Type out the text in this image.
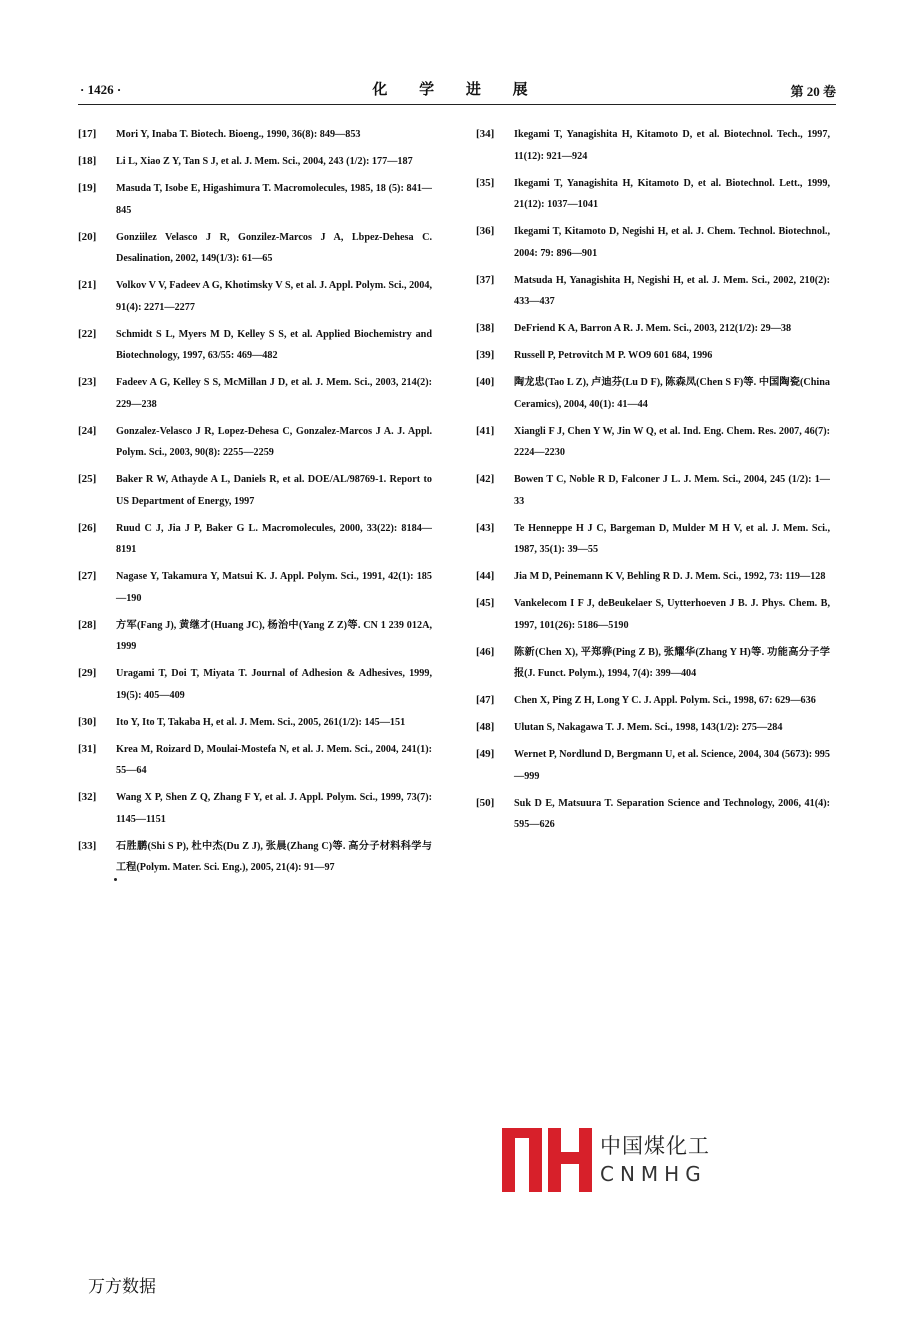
· 1426 ·	化 学 进 展	第 20 卷
[17]	Mori Y, Inaba T. Biotech. Bioeng., 1990, 36(8): 849—853
[18]	Li L, Xiao Z Y, Tan S J, et al. J. Mem. Sci., 2004, 243 (1/2): 177—187
[19]	Masuda T, Isobe E, Higashimura T. Macromolecules, 1985, 18 (5): 841—845
[20]	Gonziilez Velasco J R, Gonzilez-Marcos J A, Lbpez-Dehesa C. Desalination, 2002, 149(1/3): 61—65
[21]	Volkov V V, Fadeev A G, Khotimsky V S, et al. J. Appl. Polym. Sci., 2004, 91(4): 2271—2277
[22]	Schmidt S L, Myers M D, Kelley S S, et al. Applied Biochemistry and Biotechnology, 1997, 63/55: 469—482
[23]	Fadeev A G, Kelley S S, McMillan J D, et al. J. Mem. Sci., 2003, 214(2): 229—238
[24]	Gonzalez-Velasco J R, Lopez-Dehesa C, Gonzalez-Marcos J A. J. Appl. Polym. Sci., 2003, 90(8): 2255—2259
[25]	Baker R W, Athayde A L, Daniels R, et al. DOE/AL/98769-1. Report to US Department of Energy, 1997
[26]	Ruud C J, Jia J P, Baker G L. Macromolecules, 2000, 33(22): 8184—8191
[27]	Nagase Y, Takamura Y, Matsui K. J. Appl. Polym. Sci., 1991, 42(1): 185—190
[28]	方军(Fang J), 黄继才(Huang JC), 杨治中(Yang Z Z)等. CN 1 239 012A, 1999
[29]	Uragami T, Doi T, Miyata T. Journal of Adhesion & Adhesives, 1999, 19(5): 405—409
[30]	Ito Y, Ito T, Takaba H, et al. J. Mem. Sci., 2005, 261(1/2): 145—151
[31]	Krea M, Roizard D, Moulai-Mostefa N, et al. J. Mem. Sci., 2004, 241(1): 55—64
[32]	Wang X P, Shen Z Q, Zhang F Y, et al. J. Appl. Polym. Sci., 1999, 73(7): 1145—1151
[33]	石胜鹏(Shi S P), 杜中杰(Du Z J), 张晨(Zhang C)等. 高分子材料科学与工程(Polym. Mater. Sci. Eng.), 2005, 21(4): 91—97
[34]	Ikegami T, Yanagishita H, Kitamoto D, et al. Biotechnol. Tech., 1997, 11(12): 921—924
[35]	Ikegami T, Yanagishita H, Kitamoto D, et al. Biotechnol. Lett., 1999, 21(12): 1037—1041
[36]	Ikegami T, Kitamoto D, Negishi H, et al. J. Chem. Technol. Biotechnol., 2004: 79: 896—901
[37]	Matsuda H, Yanagishita H, Negishi H, et al. J. Mem. Sci., 2002, 210(2): 433—437
[38]	DeFriend K A, Barron A R. J. Mem. Sci., 2003, 212(1/2): 29—38
[39]	Russell P, Petrovitch M P. WO9 601 684, 1996
[40]	陶龙忠(Tao L Z), 卢迪芬(Lu D F), 陈森凤(Chen S F)等. 中国陶瓷(China Ceramics), 2004, 40(1): 41—44
[41]	Xiangli F J, Chen Y W, Jin W Q, et al. Ind. Eng. Chem. Res. 2007, 46(7): 2224—2230
[42]	Bowen T C, Noble R D, Falconer J L. J. Mem. Sci., 2004, 245 (1/2): 1—33
[43]	Te Henneppe H J C, Bargeman D, Mulder M H V, et al. J. Mem. Sci., 1987, 35(1): 39—55
[44]	Jia M D, Peinemann K V, Behling R D. J. Mem. Sci., 1992, 73: 119—128
[45]	Vankelecom I F J, deBeukelaer S, Uytterhoeven J B. J. Phys. Chem. B, 1997, 101(26): 5186—5190
[46]	陈新(Chen X), 平郑骅(Ping Z B), 张耀华(Zhang Y H)等. 功能高分子学报(J. Funct. Polym.), 1994, 7(4): 399—404
[47]	Chen X, Ping Z H, Long Y C. J. Appl. Polym. Sci., 1998, 67: 629—636
[48]	Ulutan S, Nakagawa T. J. Mem. Sci., 1998, 143(1/2): 275—284
[49]	Wernet P, Nordlund D, Bergmann U, et al. Science, 2004, 304 (5673): 995—999
[50]	Suk D E, Matsuura T. Separation Science and Technology, 2006, 41(4): 595—626
中国煤化工
CNMHG
万方数据
